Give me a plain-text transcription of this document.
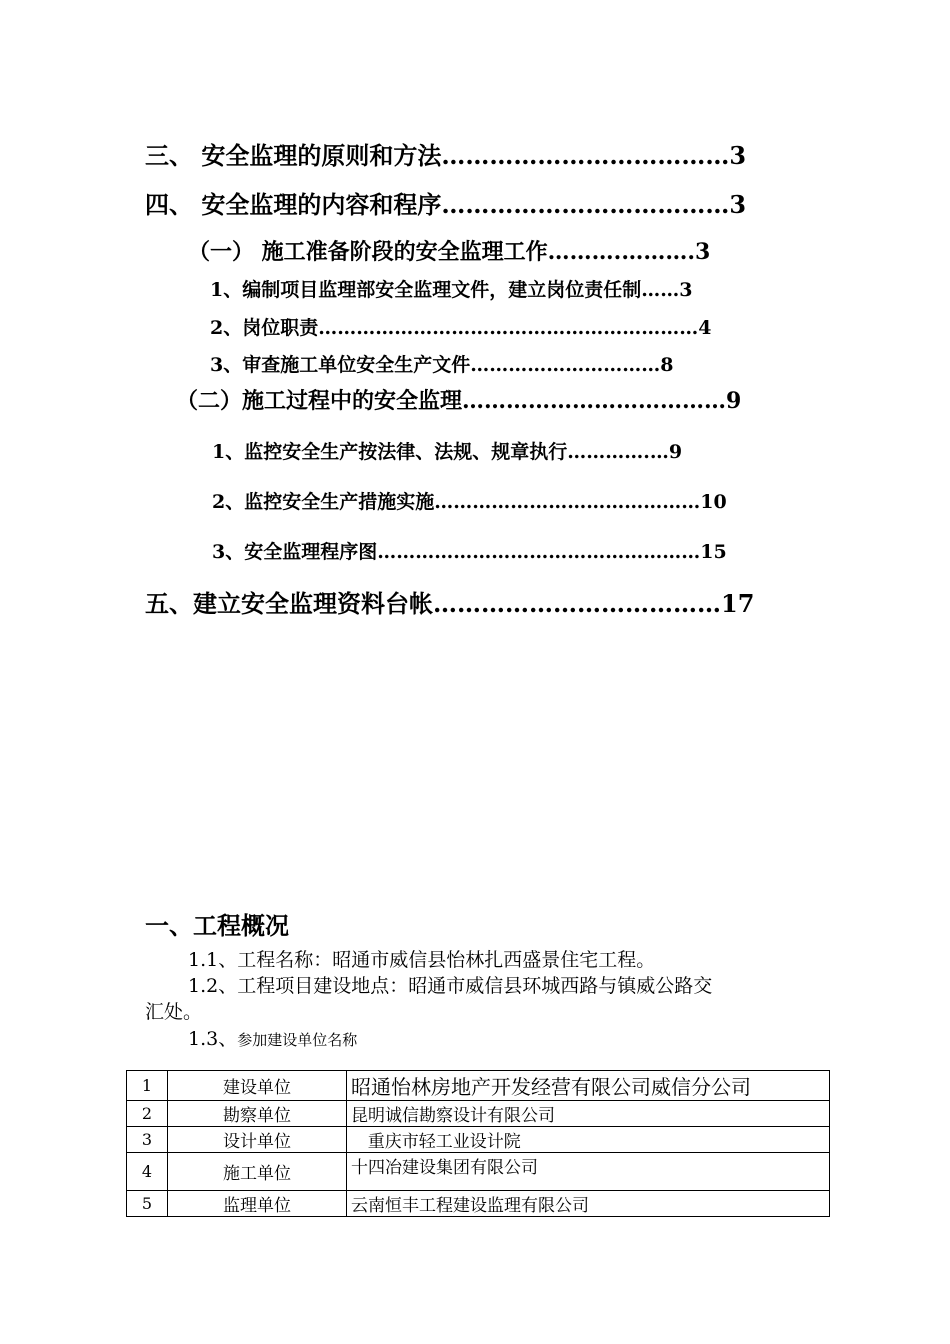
三、 安全监理的原则和方法………………………………3
四、 安全监理的内容和程序………………………………3
（一） 施工准备阶段的安全监理工作……….……….3
1、编制项目监理部安全监理文件，建立岗位责任制……3
2、岗位职责……………………………………………………4
3、审查施工单位安全生产文件…………………………8
（二）施工过程中的安全监理………………………………9
1、监控安全生产按法律、法规、规章执行………….…9
2、监控安全生产措施实施……………………………………10
3、安全监理程序图……………………………………………15
五、建立安全监理资料台帐………………………………17
一、工程概况
1.1、工程名称：昭通市威信县怡林扎西盛景住宅工程。
1.2、工程项目建设地点：昭通市威信县环城西路与镇威公路交
汇处。
1.3、参加建设单位名称
1	建设单位	昭通怡林房地产开发经营有限公司威信分公司
2	勘察单位	昆明诚信勘察设计有限公司
3	设计单位	重庆市轻工业设计院
4	施工单位	十四冶建设集团有限公司
5	监理单位	云南恒丰工程建设监理有限公司
